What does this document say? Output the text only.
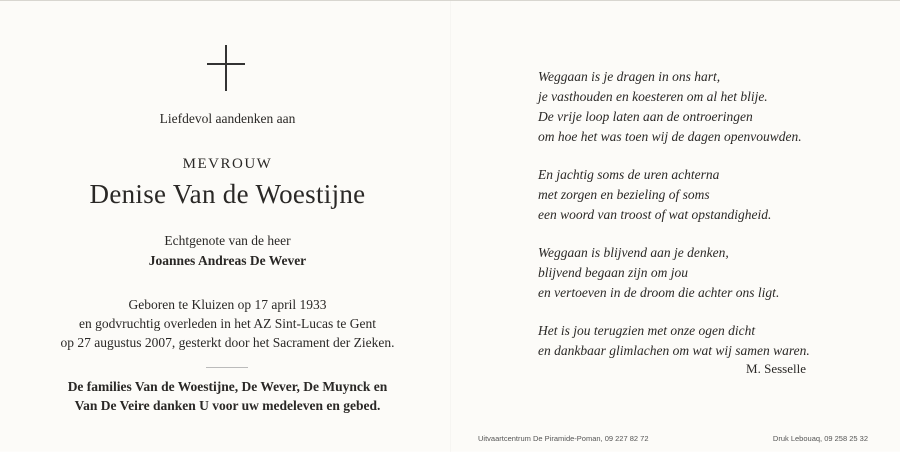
Liefdevol aandenken aan
MEVROUW
Denise Van de Woestijne
Echtgenote van de heer
Joannes Andreas De Wever
Geboren te Kluizen op 17 april 1933
en godvruchtig overleden in het AZ Sint-Lucas te Gent
op 27 augustus 2007, gesterkt door het Sacrament der Zieken.
De families Van de Woestijne, De Wever, De Muynck en
Van De Veire danken U voor uw medeleven en gebed.
Weggaan is je dragen in ons hart,
je vasthouden en koesteren om al het blije.
De vrije loop laten aan de ontroeringen
om hoe het was toen wij de dagen openvouwden.
En jachtig soms de uren achterna
met zorgen en bezieling of soms
een woord van troost of wat opstandigheid.
Weggaan is blijvend aan je denken,
blijvend begaan zijn om jou
en vertoeven in de droom die achter ons ligt.
Het is jou terugzien met onze ogen dicht
en dankbaar glimlachen om wat wij samen waren.
M. Sesselle
Uitvaartcentrum De Piramide-Poman, 09 227 82 72	Druk Lebouaq, 09 258 25 32
